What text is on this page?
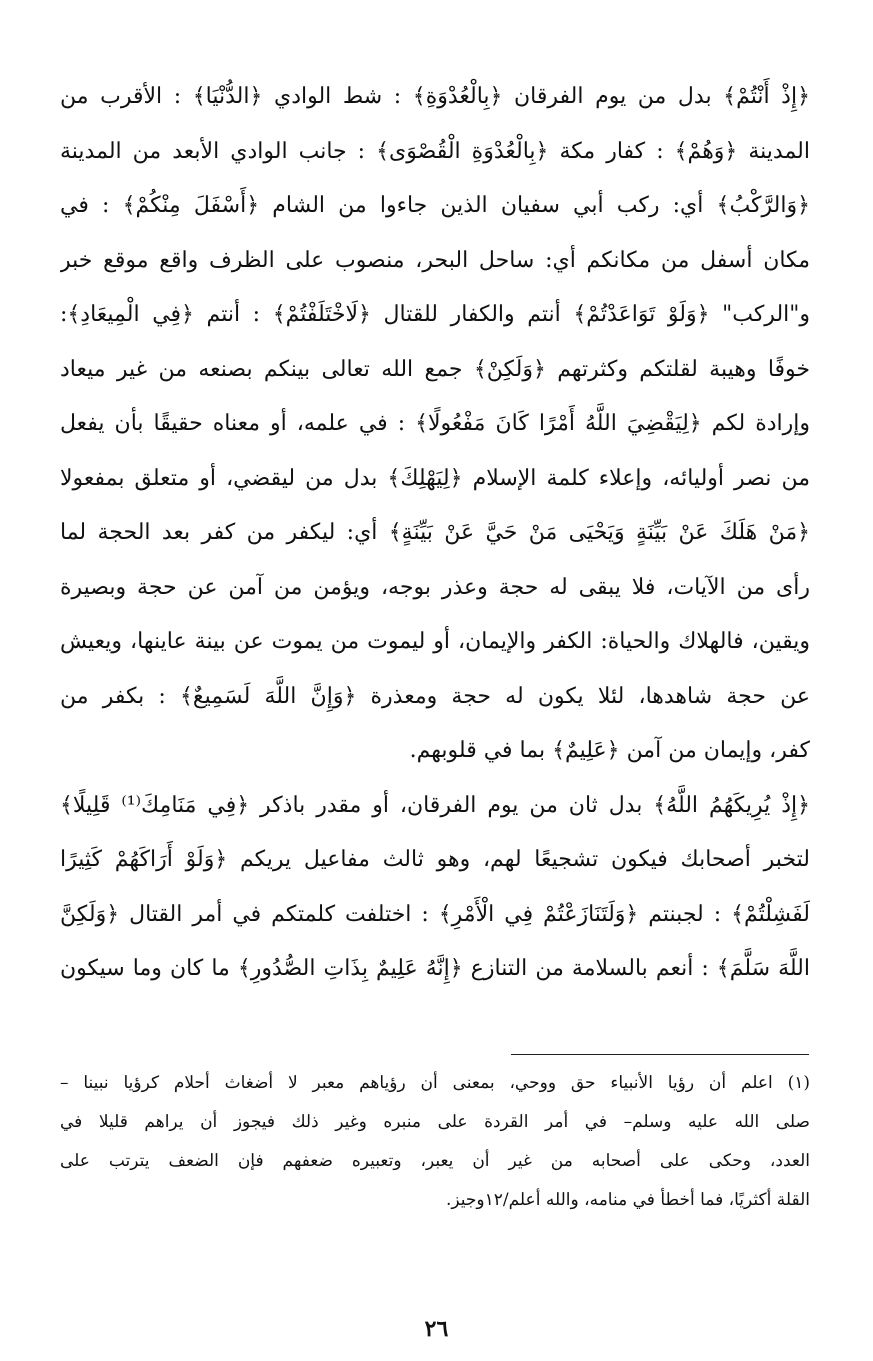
﴿إِذْ أَنْتُمْ﴾ بدل من يوم الفرقان ﴿بِالْعُدْوَةِ﴾ : شط الوادي ﴿الدُّنْيَا﴾ : الأقرب من
المدينة ﴿وَهُمْ﴾ : كفار مكة ﴿بِالْعُدْوَةِ الْقُصْوَى﴾ : جانب الوادي الأبعد من المدينة
﴿وَالرَّكْبُ﴾ أي: ركب أبي سفيان الذين جاءوا من الشام ﴿أَسْفَلَ مِنْكُمْ﴾ : في
مكان أسفل من مكانكم أي: ساحل البحر، منصوب على الظرف واقع موقع خبر
و"الركب" ﴿وَلَوْ تَوَاعَدْتُمْ﴾ أنتم والكفار للقتال ﴿لَاخْتَلَفْتُمْ﴾ : أنتم ﴿فِي الْمِيعَادِ﴾:
خوفًا وهيبة لقلتكم وكثرتهم ﴿وَلَكِنْ﴾ جمع الله تعالى بينكم بصنعه من غير ميعاد
وإرادة لكم ﴿لِيَقْضِيَ اللَّهُ أَمْرًا كَانَ مَفْعُولًا﴾ : في علمه، أو معناه حقيقًا بأن يفعل
من نصر أوليائه، وإعلاء كلمة الإسلام ﴿لِيَهْلِكَ﴾ بدل من ليقضي، أو متعلق بمفعولا
﴿مَنْ هَلَكَ عَنْ بَيِّنَةٍ وَيَحْيَى مَنْ حَيَّ عَنْ بَيِّنَةٍ﴾ أي: ليكفر من كفر بعد الحجة لما
رأى من الآيات، فلا يبقى له حجة وعذر بوجه، ويؤمن من آمن عن حجة وبصيرة
ويقين، فالهلاك والحياة: الكفر والإيمان، أو ليموت من يموت عن بينة عاينها، ويعيش
عن حجة شاهدها، لئلا يكون له حجة ومعذرة ﴿وَإِنَّ اللَّهَ لَسَمِيعٌ﴾ : بكفر من
كفر، وإيمان من آمن ﴿عَلِيمٌ﴾ بما في قلوبهم.
﴿إِذْ يُرِيكَهُمُ اللَّهُ﴾ بدل ثان من يوم الفرقان، أو مقدر باذكر ﴿فِي مَنَامِكَ⁽¹⁾ قَلِيلًا﴾
لتخبر أصحابك فيكون تشجيعًا لهم، وهو ثالث مفاعيل يريكم ﴿وَلَوْ أَرَاكَهُمْ كَثِيرًا
لَفَشِلْتُمْ﴾ : لجبنتم ﴿وَلَتَنَازَعْتُمْ فِي الْأَمْرِ﴾ : اختلفت كلمتكم في أمر القتال ﴿وَلَكِنَّ
اللَّهَ سَلَّمَ﴾ : أنعم بالسلامة من التنازع ﴿إِنَّهُ عَلِيمٌ بِذَاتِ الصُّدُورِ﴾ ما كان وما سيكون
(١) اعلم أن رؤيا الأنبياء حق ووحي، بمعنى أن رؤياهم معبر لا أضغاث أحلام كرؤيا نبينا –
صلى الله عليه وسلم– في أمر القردة على منبره وغير ذلك فيجوز أن يراهم قليلا في
العدد، وحكى على أصحابه من غير أن يعبر، وتعبيره ضعفهم فإن الضعف يترتب على
القلة أكثريًا، فما أخطأ في منامه، والله أعلم/١٢وجيز.
٢٦
